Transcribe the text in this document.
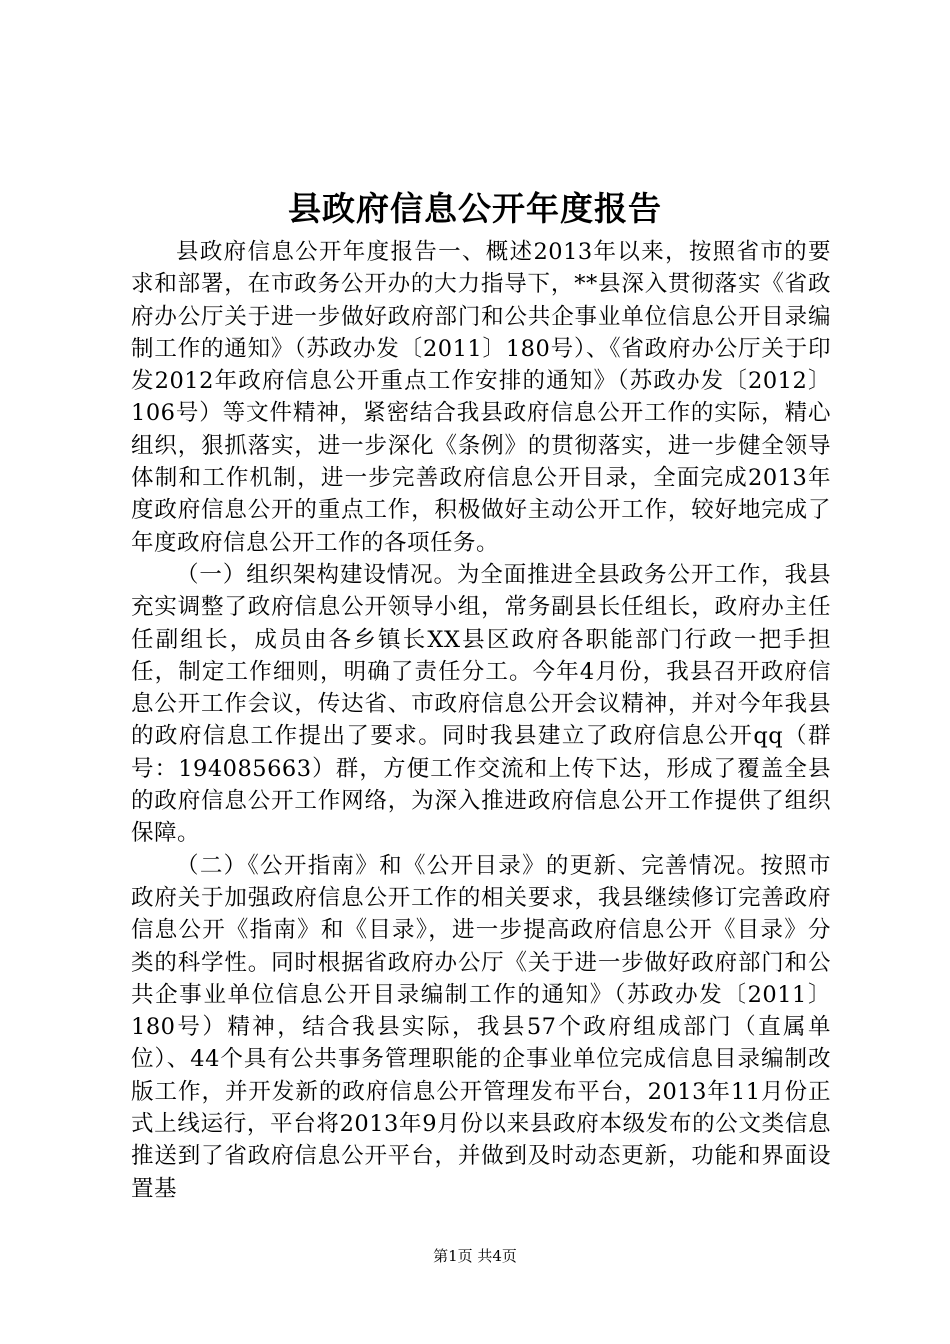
县政府信息公开年度报告

县政府信息公开年度报告一、概述2013年以来，按照省市的要求和部署，在市政务公开办的大力指导下，**县深入贯彻落实《省政府办公厅关于进一步做好政府部门和公共企事业单位信息公开目录编制工作的通知》（苏政办发〔2011〕180号）、《省政府办公厅关于印发2012年政府信息公开重点工作安排的通知》（苏政办发〔2012〕106号）等文件精神，紧密结合我县政府信息公开工作的实际，精心组织，狠抓落实，进一步深化《条例》的贯彻落实，进一步健全领导体制和工作机制，进一步完善政府信息公开目录，全面完成2013年度政府信息公开的重点工作，积极做好主动公开工作，较好地完成了年度政府信息公开工作的各项任务。

（一）组织架构建设情况。为全面推进全县政务公开工作，我县充实调整了政府信息公开领导小组，常务副县长任组长，政府办主任任副组长，成员由各乡镇长XX县区政府各职能部门行政一把手担任，制定工作细则，明确了责任分工。今年4月份，我县召开政府信息公开工作会议，传达省、市政府信息公开会议精神，并对今年我县的政府信息工作提出了要求。同时我县建立了政府信息公开qq（群号：194085663）群，方便工作交流和上传下达，形成了覆盖全县的政府信息公开工作网络，为深入推进政府信息公开工作提供了组织保障。

（二）《公开指南》和《公开目录》的更新、完善情况。按照市政府关于加强政府信息公开工作的相关要求，我县继续修订完善政府信息公开《指南》和《目录》，进一步提高政府信息公开《目录》分类的科学性。同时根据省政府办公厅《关于进一步做好政府部门和公共企事业单位信息公开目录编制工作的通知》（苏政办发〔2011〕180号）精神，结合我县实际，我县57个政府组成部门（直属单位）、44个具有公共事务管理职能的企事业单位完成信息目录编制改版工作，并开发新的政府信息公开管理发布平台，2013年11月份正式上线运行，平台将2013年9月份以来县政府本级发布的公文类信息推送到了省政府信息公开平台，并做到及时动态更新，功能和界面设置基

第1页 共4页
